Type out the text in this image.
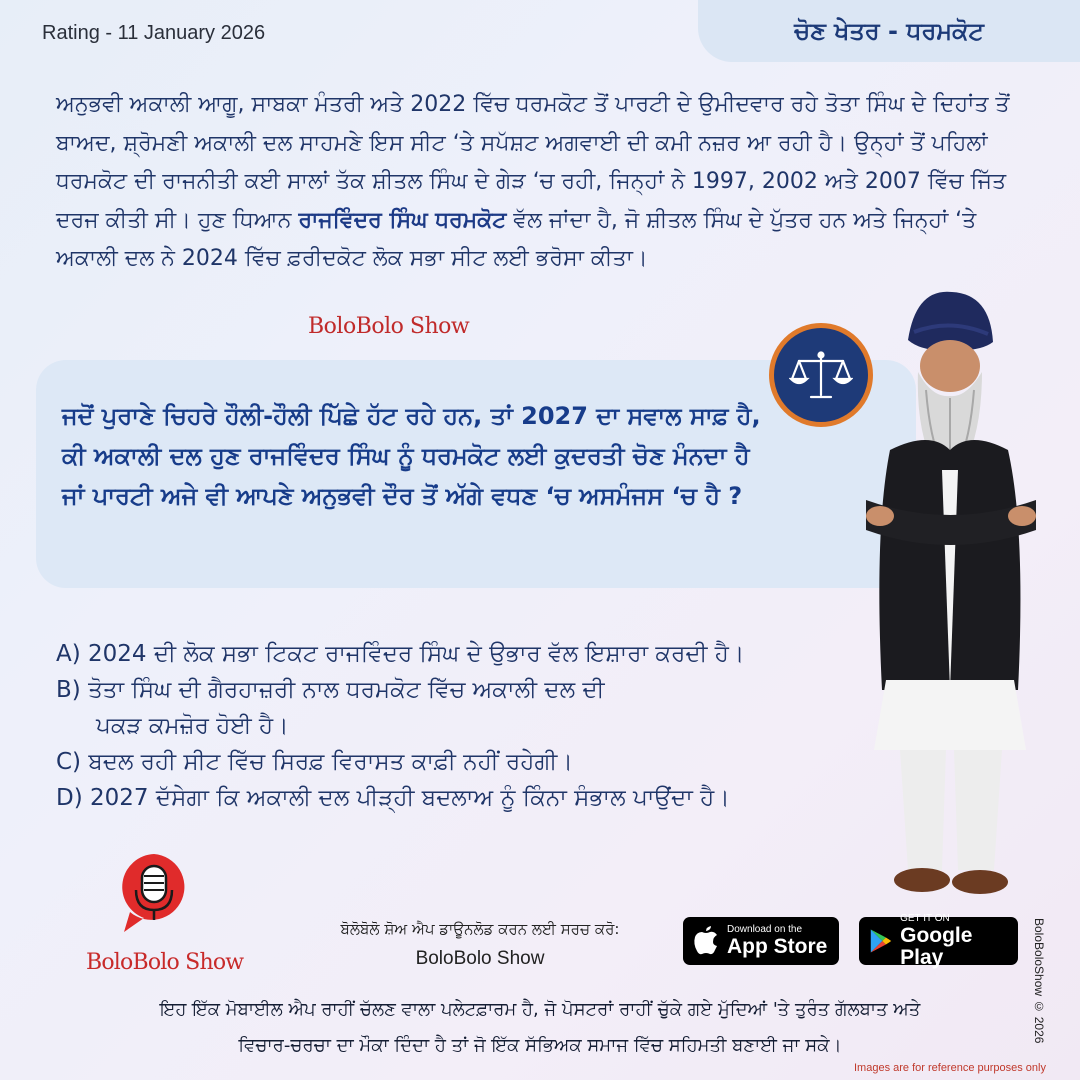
Rating - 11 January 2026	ਚੋਣ ਖੇਤਰ - ਧਰਮਕੋਟ

ਅਨੁਭਵੀ ਅਕਾਲੀ ਆਗੂ, ਸਾਬਕਾ ਮੰਤਰੀ ਅਤੇ 2022 ਵਿੱਚ ਧਰਮਕੋਟ ਤੋਂ ਪਾਰਟੀ ਦੇ ਉਮੀਦਵਾਰ ਰਹੇ ਤੋਤਾ ਸਿੰਘ ਦੇ ਦਿਹਾਂਤ ਤੋਂ ਬਾਅਦ, ਸ਼੍ਰੋਮਣੀ ਅਕਾਲੀ ਦਲ ਸਾਹਮਣੇ ਇਸ ਸੀਟ ‘ਤੇ ਸਪੱਸ਼ਟ ਅਗਵਾਈ ਦੀ ਕਮੀ ਨਜ਼ਰ ਆ ਰਹੀ ਹੈ। ਉਨ੍ਹਾਂ ਤੋਂ ਪਹਿਲਾਂ ਧਰਮਕੋਟ ਦੀ ਰਾਜਨੀਤੀ ਕਈ ਸਾਲਾਂ ਤੱਕ ਸ਼ੀਤਲ ਸਿੰਘ ਦੇ ਗੇੜ ‘ਚ ਰਹੀ, ਜਿਨ੍ਹਾਂ ਨੇ 1997, 2002 ਅਤੇ 2007 ਵਿੱਚ ਜਿੱਤ ਦਰਜ ਕੀਤੀ ਸੀ। ਹੁਣ ਧਿਆਨ ਰਾਜਵਿੰਦਰ ਸਿੰਘ ਧਰਮਕੋਟ ਵੱਲ ਜਾਂਦਾ ਹੈ, ਜੋ ਸ਼ੀਤਲ ਸਿੰਘ ਦੇ ਪੁੱਤਰ ਹਨ ਅਤੇ ਜਿਨ੍ਹਾਂ ‘ਤੇ ਅਕਾਲੀ ਦਲ ਨੇ 2024 ਵਿੱਚ ਫ਼ਰੀਦਕੋਟ ਲੋਕ ਸਭਾ ਸੀਟ ਲਈ ਭਰੋਸਾ ਕੀਤਾ।

BoloBolo Show

ਜਦੋਂ ਪੁਰਾਣੇ ਚਿਹਰੇ ਹੌਲੀ-ਹੌਲੀ ਪਿੱਛੇ ਹੱਟ ਰਹੇ ਹਨ, ਤਾਂ 2027 ਦਾ ਸਵਾਲ ਸਾਫ਼ ਹੈ, ਕੀ ਅਕਾਲੀ ਦਲ ਹੁਣ ਰਾਜਵਿੰਦਰ ਸਿੰਘ ਨੂੰ ਧਰਮਕੋਟ ਲਈ ਕੁਦਰਤੀ ਚੋਣ ਮੰਨਦਾ ਹੈ ਜਾਂ ਪਾਰਟੀ ਅਜੇ ਵੀ ਆਪਣੇ ਅਨੁਭਵੀ ਦੌਰ ਤੋਂ ਅੱਗੇ ਵਧਣ ‘ਚ ਅਸਮੰਜਸ ‘ਚ ਹੈ ?

A) 2024 ਦੀ ਲੋਕ ਸਭਾ ਟਿਕਟ ਰਾਜਵਿੰਦਰ ਸਿੰਘ ਦੇ ਉਭਾਰ ਵੱਲ ਇਸ਼ਾਰਾ ਕਰਦੀ ਹੈ।
B) ਤੋਤਾ ਸਿੰਘ ਦੀ ਗੈਰਹਾਜ਼ਰੀ ਨਾਲ ਧਰਮਕੋਟ ਵਿੱਚ ਅਕਾਲੀ ਦਲ ਦੀ
ਪਕੜ ਕਮਜ਼ੋਰ ਹੋਈ ਹੈ।
C) ਬਦਲ ਰਹੀ ਸੀਟ ਵਿੱਚ ਸਿਰਫ਼ ਵਿਰਾਸਤ ਕਾਫ਼ੀ ਨਹੀਂ ਰਹੇਗੀ।
D) 2027 ਦੱਸੇਗਾ ਕਿ ਅਕਾਲੀ ਦਲ ਪੀੜ੍ਹੀ ਬਦਲਾਅ ਨੂੰ ਕਿੰਨਾ ਸੰਭਾਲ ਪਾਉਂਦਾ ਹੈ।
BoloBolo Show
ਬੋਲੋਬੋਲੋ ਸ਼ੋਅ ਐਪ ਡਾਊਨਲੋਡ ਕਰਨ ਲਈ ਸਰਚ ਕਰੋ:
BoloBolo Show
Download on the
App Store
GET IT ON
Google Play

ਇਹ ਇੱਕ ਮੋਬਾਈਲ ਐਪ ਰਾਹੀਂ ਚੱਲਣ ਵਾਲਾ ਪਲੇਟਫ਼ਾਰਮ ਹੈ, ਜੋ ਪੋਸਟਰਾਂ ਰਾਹੀਂ ਚੁੱਕੇ ਗਏ ਮੁੱਦਿਆਂ 'ਤੇ ਤੁਰੰਤ ਗੱਲਬਾਤ ਅਤੇ
ਵਿਚਾਰ-ਚਰਚਾ ਦਾ ਮੌਕਾ ਦਿੰਦਾ ਹੈ ਤਾਂ ਜੋ ਇੱਕ ਸੱਭਿਅਕ ਸਮਾਜ ਵਿੱਚ ਸਹਿਮਤੀ ਬਣਾਈ ਜਾ ਸਕੇ।

BoloBoloShow © 2026
Images are for reference purposes only
